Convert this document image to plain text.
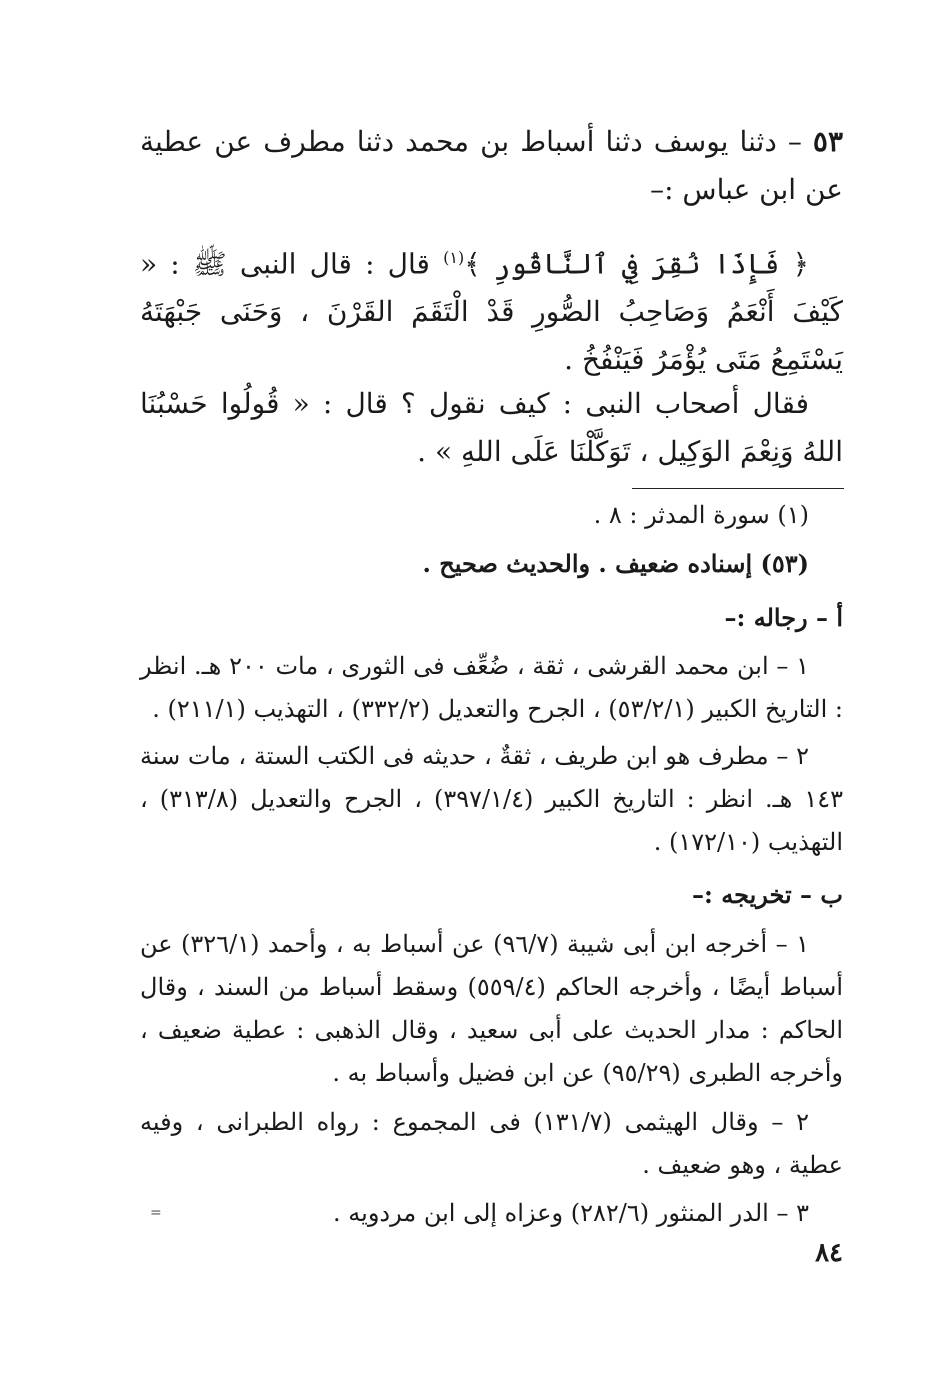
٥٣ – دثنا يوسف دثنا أسباط بن محمد دثنا مطرف عن عطية عن ابن عباس :–
﴿ فَإِذَا نُقِرَ فِي ٱلنَّاقُورِ ﴾$^{(١)}$ قال : قال النبى ﷺ : « كَيْفَ أَنْعَمُ وَصَاحِبُ الصُّورِ قَدْ الْتَقَمَ القَرْنَ ، وَحَنَى جَبْهَتَهُ يَسْتَمِعُ مَتَى يُؤْمَرُ فَيَنْفُخُ .
فقال أصحاب النبى : كيف نقول ؟ قال : « قُولُوا حَسْبُنَا اللهُ وَنِعْمَ الوَكِيل ، تَوَكَّلْنَا عَلَى اللهِ » .
(١) سورة المدثر : ٨ .
(٥٣) إسناده ضعيف . والحديث صحيح .
أ – رجاله :–
١ – ابن محمد القرشى ، ثقة ، ضُعِّف فى الثورى ، مات ٢٠٠ هـ. انظر : التاريخ الكبير (٥٣/٢/١) ، الجرح والتعديل (٣٣٢/٢) ، التهذيب (٢١١/١) .
٢ – مطرف هو ابن طريف ، ثقةٌ ، حديثه فى الكتب الستة ، مات سنة ١٤٣ هـ. انظر : التاريخ الكبير (٣٩٧/١/٤) ، الجرح والتعديل (٣١٣/٨) ، التهذيب (١٧٢/١٠) .
ب – تخريجه :–
١ – أخرجه ابن أبى شيبة (٩٦/٧) عن أسباط به ، وأحمد (٣٢٦/١) عن أسباط أيضًا ، وأخرجه الحاكم (٥٥٩/٤) وسقط أسباط من السند ، وقال الحاكم : مدار الحديث على أبى سعيد ، وقال الذهبى : عطية ضعيف ، وأخرجه الطبرى (٩٥/٢٩) عن ابن فضيل وأسباط به .
٢ – وقال الهيثمى (١٣١/٧) فى المجموع : رواه الطبرانى ، وفيه عطية ، وهو ضعيف .
٣ – الدر المنثور (٢٨٢/٦) وعزاه إلى ابن مردويه .
=
٨٤
